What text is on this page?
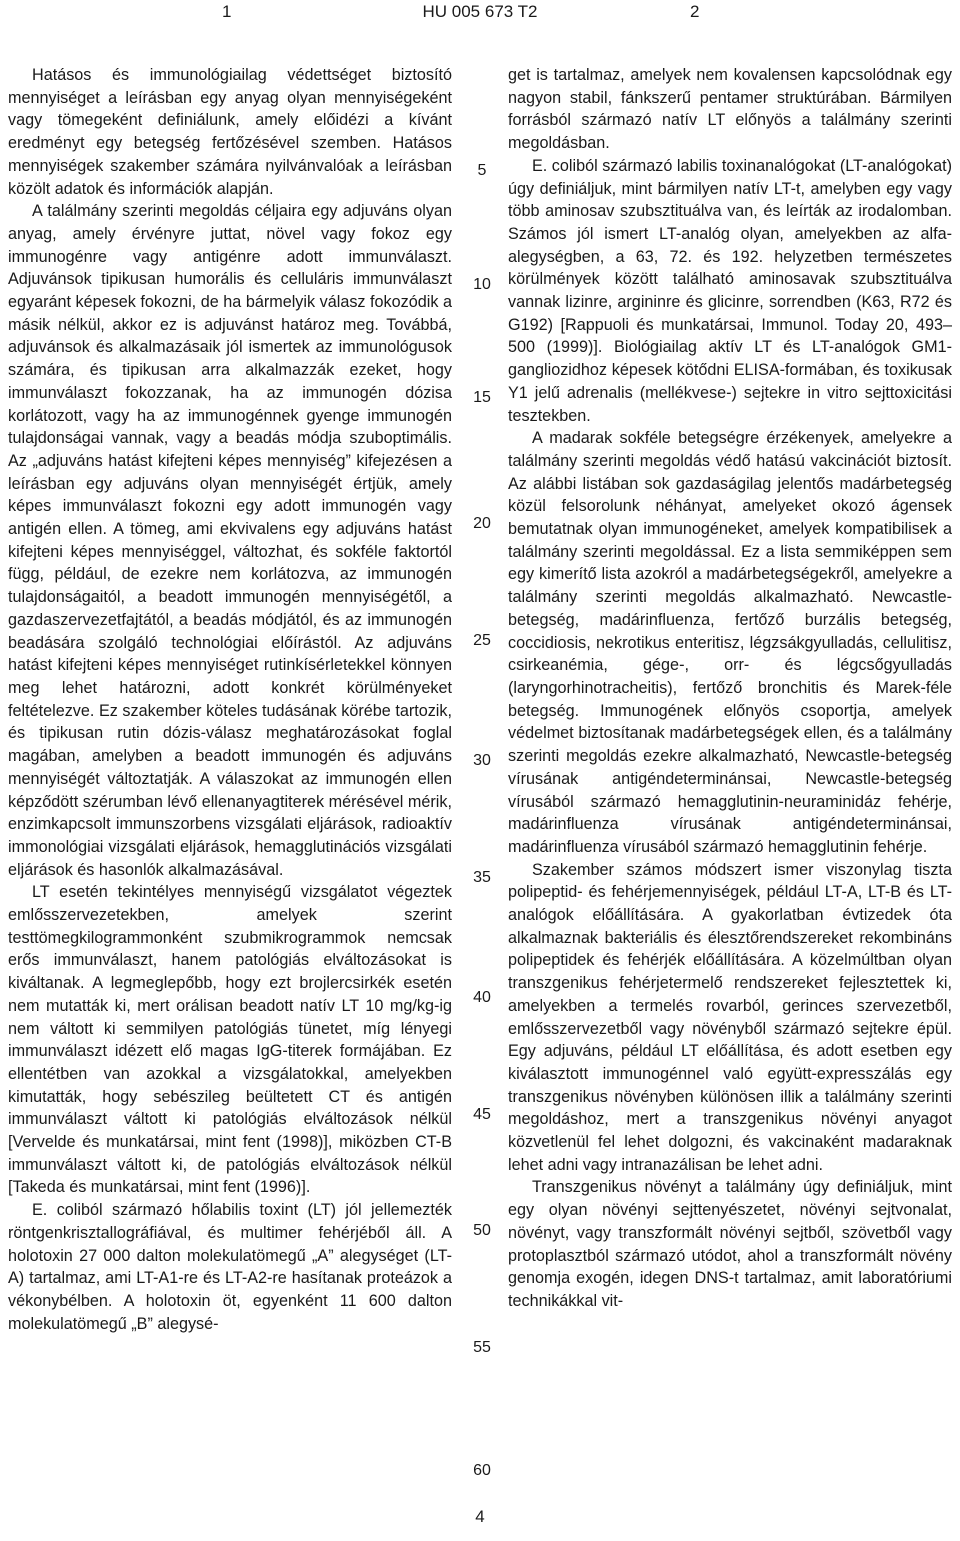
1	HU 005 673 T2	2

Hatásos és immunológiailag védettséget biztosító mennyiséget a leírásban egy anyag olyan mennyiségeként vagy tömegeként definiálunk, amely előidézi a kívánt eredményt egy betegség fertőzésével szemben. Hatásos mennyiségek szakember számára nyilvánvalóak a leírásban közölt adatok és információk alapján.

A találmány szerinti megoldás céljaira egy adjuváns olyan anyag, amely érvényre juttat, növel vagy fokoz egy immunogénre vagy antigénre adott immunválaszt. Adjuvánsok tipikusan humorális és celluláris immunválaszt egyaránt képesek fokozni, de ha bármelyik válasz fokozódik a másik nélkül, akkor ez is adjuvánst határoz meg. Továbbá, adjuvánsok és alkalmazásaik jól ismertek az immunológusok számára, és tipikusan arra alkalmazzák ezeket, hogy immunválaszt fokozzanak, ha az immunogén dózisa korlátozott, vagy ha az immunogénnek gyenge immunogén tulajdonságai vannak, vagy a beadás módja szuboptimális. Az „adjuváns hatást kifejteni képes mennyiség” kifejezésen a leírásban egy adjuváns olyan mennyiségét értjük, amely képes immunválaszt fokozni egy adott immunogén vagy antigén ellen. A tömeg, ami ekvivalens egy adjuváns hatást kifejteni képes mennyiséggel, változhat, és sokféle faktortól függ, például, de ezekre nem korlátozva, az immunogén tulajdonságaitól, a beadott immunogén mennyiségétől, a gazdaszervezetfajtától, a beadás módjától, és az immunogén beadására szolgáló technológiai előírástól. Az adjuváns hatást kifejteni képes mennyiséget rutinkísérletekkel könnyen meg lehet határozni, adott konkrét körülményeket feltételezve. Ez szakember köteles tudásának körébe tartozik, és tipikusan rutin dózis-válasz meghatározásokat foglal magában, amelyben a beadott immunogén és adjuváns mennyiségét változtatják. A válaszokat az immunogén ellen képződött szérumban lévő ellenanyagtiterek mérésével mérik, enzimkapcsolt immunszorbens vizsgálati eljárások, radioaktív immonológiai vizsgálati eljárások, hemagglutinációs vizsgálati eljárások és hasonlók alkalmazásával.

LT esetén tekintélyes mennyiségű vizsgálatot végeztek emlősszervezetekben, amelyek szerint testtömegkilogrammonként szubmikrogrammok nemcsak erős immunválaszt, hanem patológiás elváltozásokat is kiváltanak. A legmeglepőbb, hogy ezt brojlercsirkék esetén nem mutatták ki, mert orálisan beadott natív LT 10 mg/kg-ig nem váltott ki semmilyen patológiás tünetet, míg lényegi immunválaszt idézett elő magas IgG-titerek formájában. Ez ellentétben van azokkal a vizsgálatokkal, amelyekben kimutatták, hogy sebészileg beültetett CT és antigén immunválaszt váltott ki patológiás elváltozások nélkül [Vervelde és munkatársai, mint fent (1998)], miközben CT-B immunválaszt váltott ki, de patológiás elváltozások nélkül [Takeda és munkatársai, mint fent (1996)].

E. coliból származó hőlabilis toxint (LT) jól jellemezték röntgenkrisztallográfiával, és multimer fehérjéből áll. A holotoxin 27 000 dalton molekulatömegű „A” alegységet (LT-A) tartalmaz, ami LT-A1-re és LT-A2-re hasítanak proteázok a vékonybélben. A holotoxin öt, egyenként 11 600 dalton molekulatömegű „B” alegysé-

get is tartalmaz, amelyek nem kovalensen kapcsolódnak egy nagyon stabil, fánkszerű pentamer struktúrában. Bármilyen forrásból származó natív LT előnyös a találmány szerinti megoldásban.

E. coliból származó labilis toxinanalógokat (LT-analógokat) úgy definiáljuk, mint bármilyen natív LT-t, amelyben egy vagy több aminosav szubsztituálva van, és leírták az irodalomban. Számos jól ismert LT-analóg olyan, amelyekben az alfa-alegységben, a 63, 72. és 192. helyzetben természetes körülmények között található aminosavak szubsztituálva vannak lizinre, argininre és glicinre, sorrendben (K63, R72 és G192) [Rappuoli és munkatársai, Immunol. Today 20, 493–500 (1999)]. Biológiailag aktív LT és LT-analógok GM1-gangliozidhoz képesek kötődni ELISA-formában, és toxikusak Y1 jelű adrenalis (mellékvese-) sejtekre in vitro sejttoxicitási tesztekben.

A madarak sokféle betegségre érzékenyek, amelyekre a találmány szerinti megoldás védő hatású vakcinációt biztosít. Az alábbi listában sok gazdaságilag jelentős madárbetegség közül felsorolunk néhányat, amelyeket okozó ágensek bemutatnak olyan immunogéneket, amelyek kompatibilisek a találmány szerinti megoldással. Ez a lista semmiképpen sem egy kimerítő lista azokról a madárbetegségekről, amelyekre a találmány szerinti megoldás alkalmazható. Newcastle-betegség, madárinfluenza, fertőző burzális betegség, coccidiosis, nekrotikus enteritisz, légzsákgyulladás, cellulitisz, csirkeanémia, gége-, orr- és légcsőgyulladás (laryngorhinotracheitis), fertőző bronchitis és Marek-féle betegség. Immunogének előnyös csoportja, amelyek védelmet biztosítanak madárbetegségek ellen, és a találmány szerinti megoldás ezekre alkalmazható, Newcastle-betegség vírusának antigéndeterminánsai, Newcastle-betegség vírusából származó hemagglutinin-neuraminidáz fehérje, madárinfluenza vírusának antigéndeterminánsai, madárinfluenza vírusából származó hemagglutinin fehérje.

Szakember számos módszert ismer viszonylag tiszta polipeptid- és fehérjemennyiségek, például LT-A, LT-B és LT-analógok előállítására. A gyakorlatban évtizedek óta alkalmaznak bakteriális és élesztőrendszereket rekombináns polipeptidek és fehérjék előállítására. A közelmúltban olyan transzgenikus fehérjetermelő rendszereket fejlesztettek ki, amelyekben a termelés rovarból, gerinces szervezetből, emlősszervezetből vagy növényből származó sejtekre épül. Egy adjuváns, például LT előállítása, és adott esetben egy kiválasztott immunogénnel való együtt-expresszálás egy transzgenikus növényben különösen illik a találmány szerinti megoldáshoz, mert a transzgenikus növényi anyagot közvetlenül fel lehet dolgozni, és vakcinaként madaraknak lehet adni vagy intranazálisan be lehet adni.

Transzgenikus növényt a találmány úgy definiáljuk, mint egy olyan növényi sejttenyészetet, növényi sejtvonalat, növényt, vagy transzformált növényi sejtből, szövetből vagy protoplasztból származó utódot, ahol a transzformált növény genomja exogén, idegen DNS-t tartalmaz, amit laboratóriumi technikákkal vit-

5
10
15
20
25
30
35
40
45
50
55
60
4
